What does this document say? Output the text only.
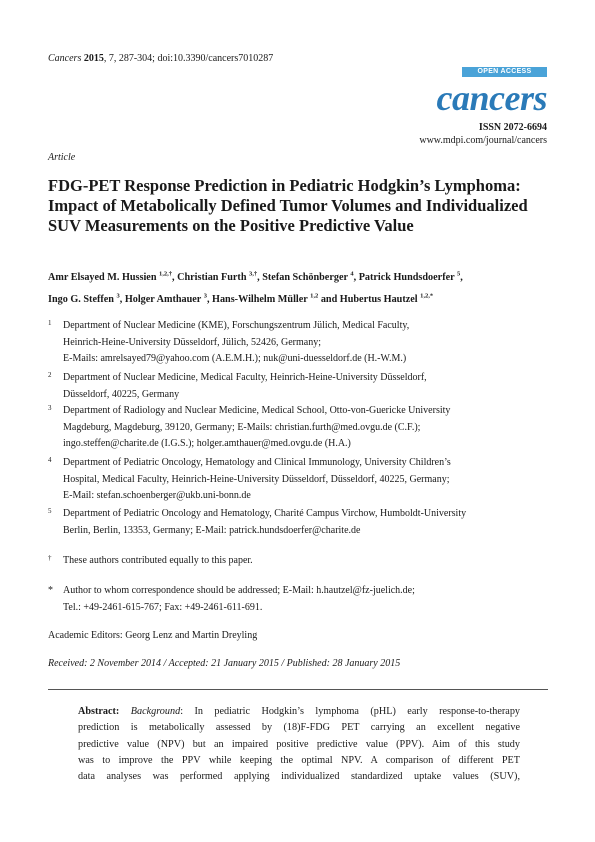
Cancers 2015, 7, 287-304; doi:10.3390/cancers7010287
OPEN ACCESS
cancers
ISSN 2072-6694
www.mdpi.com/journal/cancers
Article
FDG-PET Response Prediction in Pediatric Hodgkin’s Lymphoma: Impact of Metabolically Defined Tumor Volumes and Individualized SUV Measurements on the Positive Predictive Value
Amr Elsayed M. Hussien $^{1,2,\dagger}$, Christian Furth $^{3,\dagger}$, Stefan Schönberger $^4$, Patrick Hundsdoerfer $^5$,
Ingo G. Steffen $^3$, Holger Amthauer $^3$, Hans-Wilhelm Müller $^{1,2}$ and Hubertus Hautzel $^{1,2,*}$
1 Department of Nuclear Medicine (KME), Forschungszentrum Jülich, Medical Faculty,
Heinrich-Heine-University Düsseldorf, Jülich, 52426, Germany;
E-Mails: amrelsayed79@yahoo.com (A.E.M.H.); nuk@uni-duesseldorf.de (H.-W.M.)
2 Department of Nuclear Medicine, Medical Faculty, Heinrich-Heine-University Düsseldorf,
Düsseldorf, 40225, Germany
3 Department of Radiology and Nuclear Medicine, Medical School, Otto-von-Guericke University
Magdeburg, Magdeburg, 39120, Germany; E-Mails: christian.furth@med.ovgu.de (C.F.);
ingo.steffen@charite.de (I.G.S.); holger.amthauer@med.ovgu.de (H.A.)
4 Department of Pediatric Oncology, Hematology and Clinical Immunology, University Children’s
Hospital, Medical Faculty, Heinrich-Heine-University Düsseldorf, Düsseldorf, 40225, Germany;
E-Mail: stefan.schoenberger@ukb.uni-bonn.de
5 Department of Pediatric Oncology and Hematology, Charité Campus Virchow, Humboldt-University
Berlin, Berlin, 13353, Germany; E-Mail: patrick.hundsdoerfer@charite.de
† These authors contributed equally to this paper.
* Author to whom correspondence should be addressed; E-Mail: h.hautzel@fz-juelich.de;
Tel.: +49-2461-615-767; Fax: +49-2461-611-691.
Academic Editors: Georg Lenz and Martin Dreyling
Received: 2 November 2014 / Accepted: 21 January 2015 / Published: 28 January 2015
Abstract: Background: In pediatric Hodgkin’s lymphoma (pHL) early response-to-therapy
prediction is metabolically assessed by (18)F-FDG PET carrying an excellent negative
predictive value (NPV) but an impaired positive predictive value (PPV). Aim of this study
was to improve the PPV while keeping the optimal NPV. A comparison of different PET
data analyses was performed applying individualized standardized uptake values (SUV),
